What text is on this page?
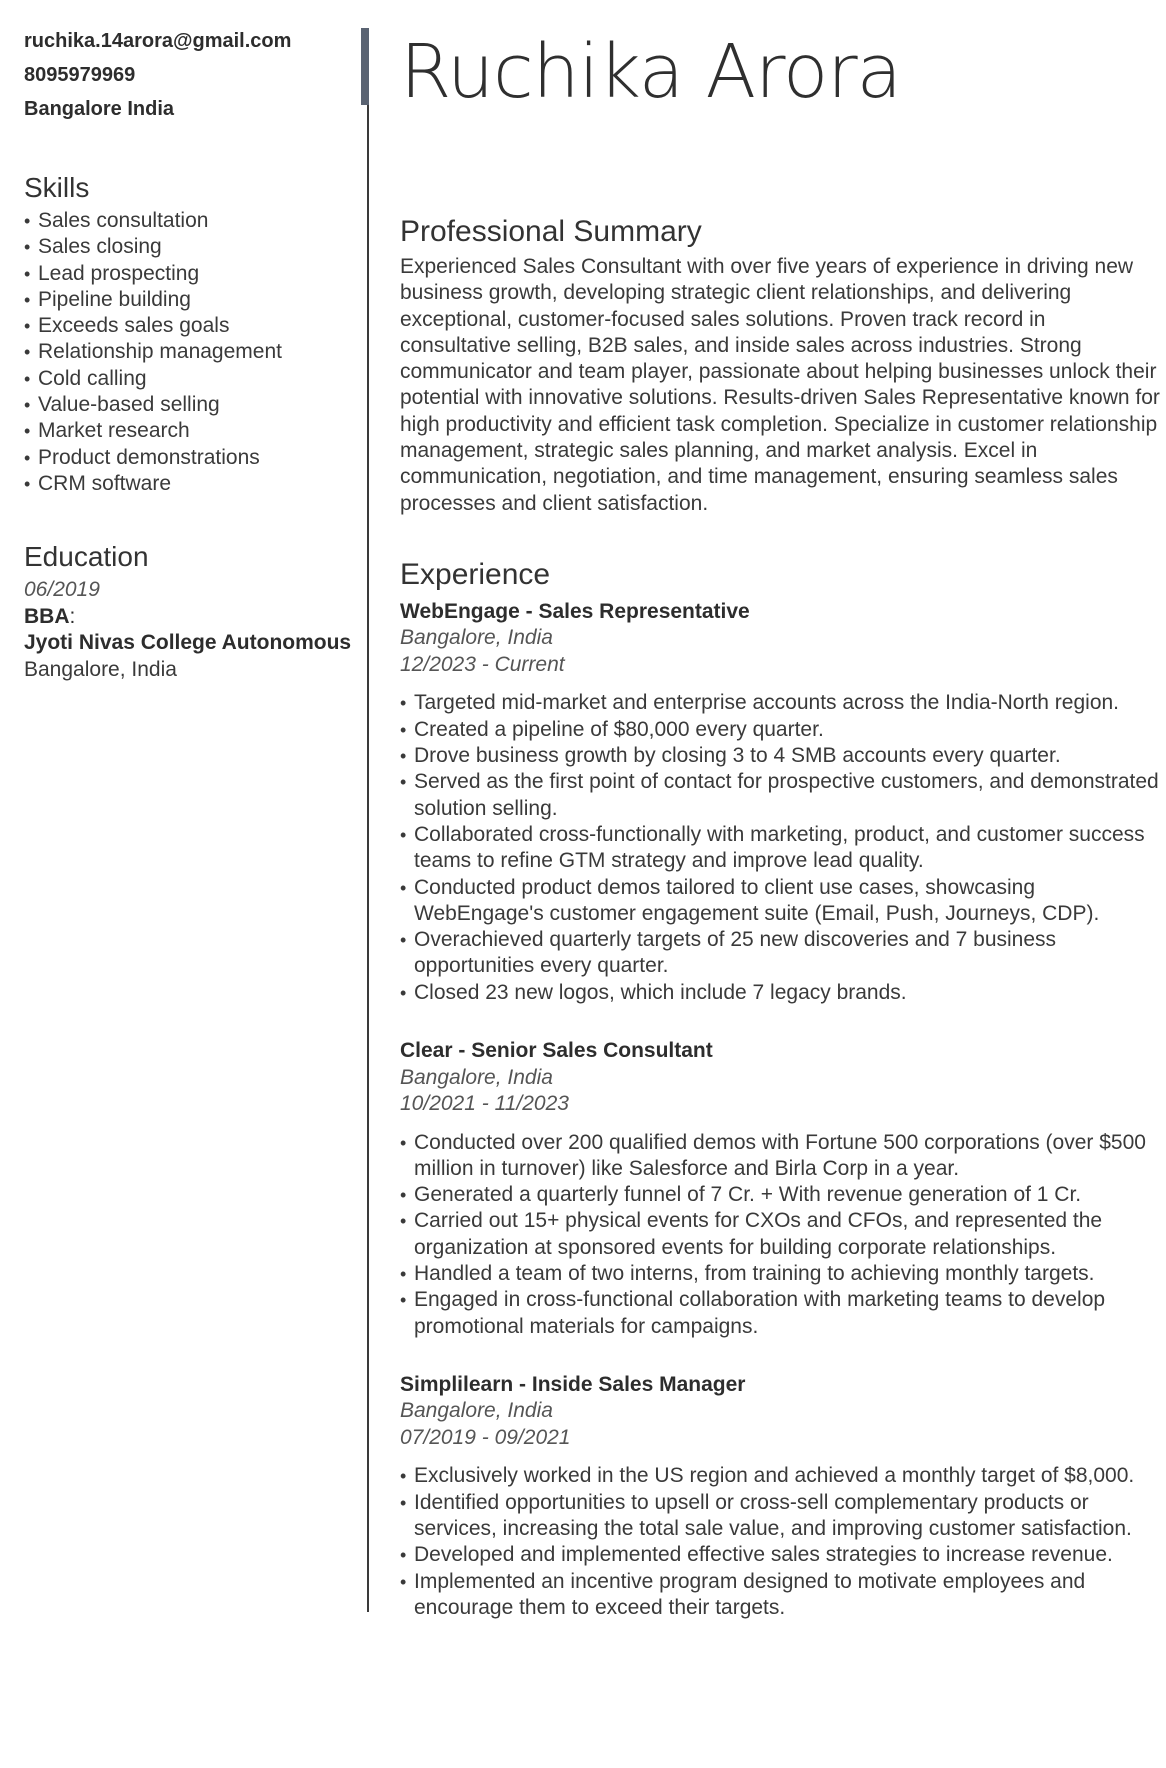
ruchika.14arora@gmail.com
8095979969
Bangalore India
Skills
• Sales consultation
• Sales closing
• Lead prospecting
• Pipeline building
• Exceeds sales goals
• Relationship management
• Cold calling
• Value-based selling
• Market research
• Product demonstrations
• CRM software
Education
06/2019
BBA:
Jyoti Nivas College Autonomous
Bangalore, India
Ruchika Arora
Professional Summary

Experienced Sales Consultant with over five years of experience in driving new business growth, developing strategic client relationships, and delivering exceptional, customer-focused sales solutions. Proven track record in consultative selling, B2B sales, and inside sales across industries. Strong communicator and team player, passionate about helping businesses unlock their potential with innovative solutions. Results-driven Sales Representative known for high productivity and efficient task completion. Specialize in customer relationship management, strategic sales planning, and market analysis. Excel in communication, negotiation, and time management, ensuring seamless sales processes and client satisfaction.

Experience
WebEngage - Sales Representative
Bangalore, India
12/2023 - Current
• Targeted mid-market and enterprise accounts across the India-North region.
• Created a pipeline of $80,000 every quarter.
• Drove business growth by closing 3 to 4 SMB accounts every quarter.
• Served as the first point of contact for prospective customers, and demonstrated solution selling.
• Collaborated cross-functionally with marketing, product, and customer success teams to refine GTM strategy and improve lead quality.
• Conducted product demos tailored to client use cases, showcasing WebEngage's customer engagement suite (Email, Push, Journeys, CDP).
• Overachieved quarterly targets of 25 new discoveries and 7 business opportunities every quarter.
• Closed 23 new logos, which include 7 legacy brands.
Clear - Senior Sales Consultant
Bangalore, India
10/2021 - 11/2023
• Conducted over 200 qualified demos with Fortune 500 corporations (over $500 million in turnover) like Salesforce and Birla Corp in a year.
• Generated a quarterly funnel of 7 Cr. + With revenue generation of 1 Cr.
• Carried out 15+ physical events for CXOs and CFOs, and represented the organization at sponsored events for building corporate relationships.
• Handled a team of two interns, from training to achieving monthly targets.
• Engaged in cross-functional collaboration with marketing teams to develop promotional materials for campaigns.
Simplilearn - Inside Sales Manager
Bangalore, India
07/2019 - 09/2021
• Exclusively worked in the US region and achieved a monthly target of $8,000.
• Identified opportunities to upsell or cross-sell complementary products or services, increasing the total sale value, and improving customer satisfaction.
• Developed and implemented effective sales strategies to increase revenue.
• Implemented an incentive program designed to motivate employees and encourage them to exceed their targets.
